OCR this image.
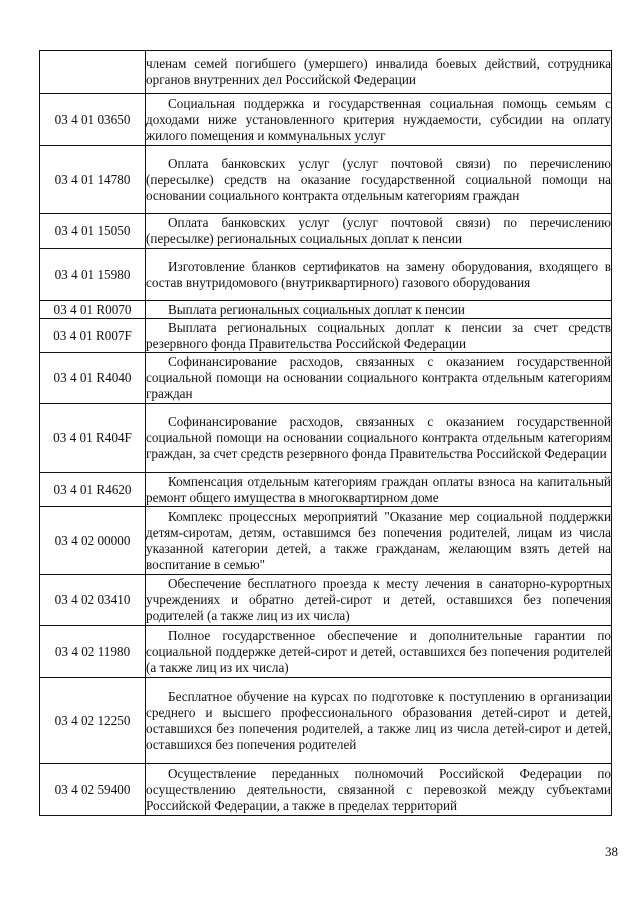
	членам семей погибшего (умершего) инвалида боевых действий, сотрудника органов внутренних дел Российской Федерации

03 4 01 03650	Социальная поддержка и государственная социальная помощь семьям с доходами ниже установленного критерия нуждаемости, субсидии на оплату жилого помещения и коммунальных услуг

03 4 01 14780	Оплата банковских услуг (услуг почтовой связи) по перечислению (пересылке) средств на оказание государственной социальной помощи на основании социального контракта отдельным категориям граждан

03 4 01 15050	Оплата банковских услуг (услуг почтовой связи) по перечислению (пересылке) региональных социальных доплат к пенсии

03 4 01 15980	Изготовление бланков сертификатов на замену оборудования, входящего в состав внутридомового (внутриквартирного) газового оборудования

03 4 01 R0070	Выплата региональных социальных доплат к пенсии

03 4 01 R007F	Выплата региональных социальных доплат к пенсии за счет средств резервного фонда Правительства Российской Федерации

03 4 01 R4040	Софинансирование расходов, связанных с оказанием государственной социальной помощи на основании социального контракта отдельным категориям граждан

03 4 01 R404F	Софинансирование расходов, связанных с оказанием государственной социальной помощи на основании социального контракта отдельным категориям граждан, за счет средств резервного фонда Правительства Российской Федерации

03 4 01 R4620	Компенсация отдельным категориям граждан оплаты взноса на капитальный ремонт общего имущества в многоквартирном доме

03 4 02 00000	Комплекс процессных мероприятий "Оказание мер социальной поддержки детям-сиротам, детям, оставшимся без попечения родителей, лицам из числа указанной категории детей, а также гражданам, желающим взять детей на воспитание в семью"

03 4 02 03410	Обеспечение бесплатного проезда к месту лечения в санаторно-курортных учреждениях и обратно детей-сирот и детей, оставшихся без попечения родителей (а также лиц из их числа)

03 4 02 11980	Полное государственное обеспечение и дополнительные гарантии по социальной поддержке детей-сирот и детей, оставшихся без попечения родителей (а также лиц из их числа)

03 4 02 12250	Бесплатное обучение на курсах по подготовке к поступлению в организации среднего и высшего профессионального образования детей-сирот и детей, оставшихся без попечения родителей, а также лиц из числа детей-сирот и детей, оставшихся без попечения родителей

03 4 02 59400	Осуществление переданных полномочий Российской Федерации по осуществлению деятельности, связанной с перевозкой между субъектами Российской Федерации, а также в пределах территорий
38
